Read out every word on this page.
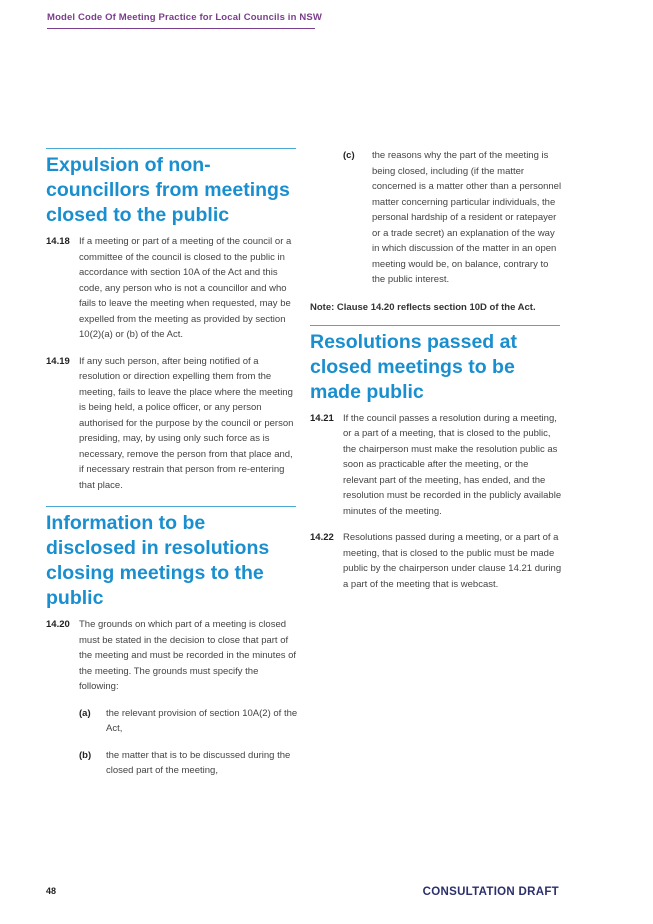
Model Code Of Meeting Practice for Local Councils in NSW
Expulsion of non-councillors from meetings closed to the public
14.18 If a meeting or part of a meeting of the council or a committee of the council is closed to the public in accordance with section 10A of the Act and this code, any person who is not a councillor and who fails to leave the meeting when requested, may be expelled from the meeting as provided by section 10(2)(a) or (b) of the Act.
14.19 If any such person, after being notified of a resolution or direction expelling them from the meeting, fails to leave the place where the meeting is being held, a police officer, or any person authorised for the purpose by the council or person presiding, may, by using only such force as is necessary, remove the person from that place and, if necessary restrain that person from re-entering that place.
Information to be disclosed in resolutions closing meetings to the public
14.20 The grounds on which part of a meeting is closed must be stated in the decision to close that part of the meeting and must be recorded in the minutes of the meeting. The grounds must specify the following:
(a) the relevant provision of section 10A(2) of the Act,
(b) the matter that is to be discussed during the closed part of the meeting,
(c) the reasons why the part of the meeting is being closed, including (if the matter concerned is a matter other than a personnel matter concerning particular individuals, the personal hardship of a resident or ratepayer or a trade secret) an explanation of the way in which discussion of the matter in an open meeting would be, on balance, contrary to the public interest.
Note: Clause 14.20 reflects section 10D of the Act.
Resolutions passed at closed meetings to be made public
14.21 If the council passes a resolution during a meeting, or a part of a meeting, that is closed to the public, the chairperson must make the resolution public as soon as practicable after the meeting, or the relevant part of the meeting, has ended, and the resolution must be recorded in the publicly available minutes of the meeting.
14.22 Resolutions passed during a meeting, or a part of a meeting, that is closed to the public must be made public by the chairperson under clause 14.21 during a part of the meeting that is webcast.
48	CONSULTATION DRAFT
